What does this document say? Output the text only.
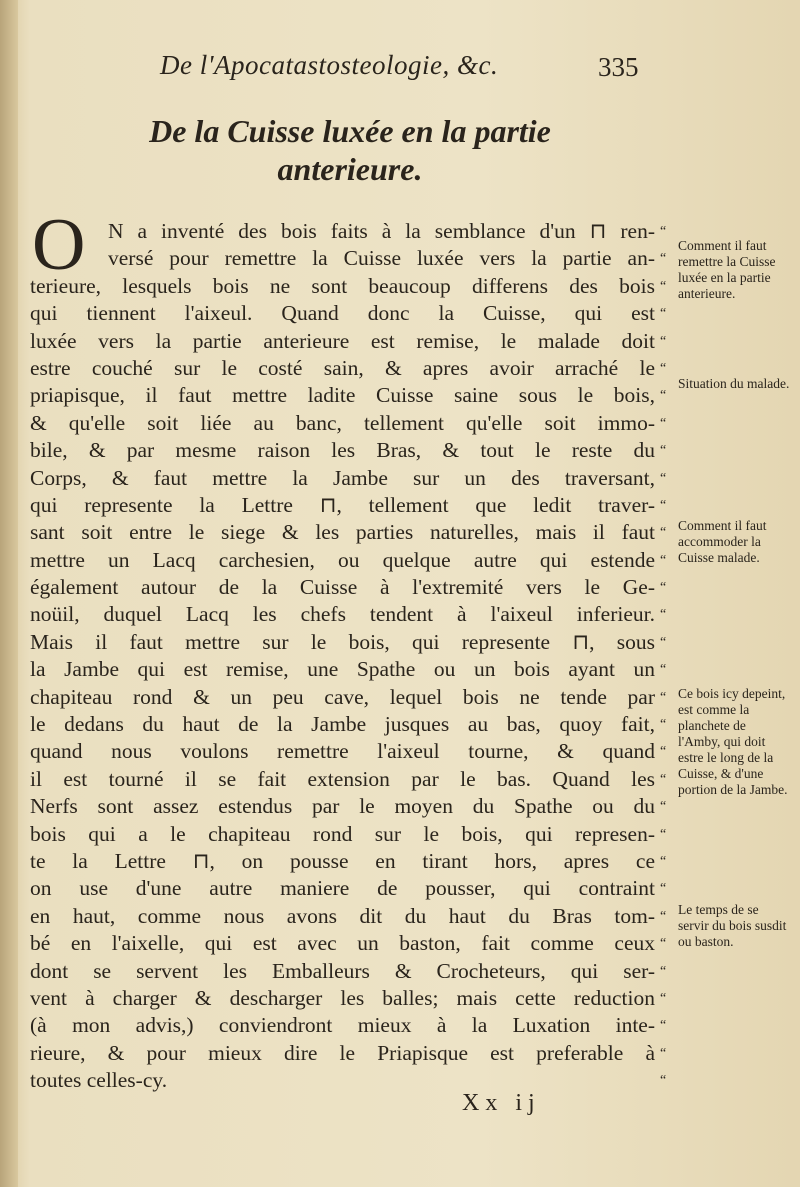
De l'Apocatastosteologie, &c.	335
De la Cuisse luxée en la partie
anterieure.
O	N a inventé des bois faits à la semblance d'un ⊓ ren-
versé pour remettre la Cuisse luxée vers la partie an-
terieure, lesquels bois ne sont beaucoup differens des bois
qui tiennent l'aixeul. Quand donc la Cuisse, qui est
luxée vers la partie anterieure est remise, le malade doit
estre couché sur le costé sain, & apres avoir arraché le
priapisque, il faut mettre ladite Cuisse saine sous le bois,
& qu'elle soit liée au banc, tellement qu'elle soit immo-
bile, & par mesme raison les Bras, & tout le reste du
Corps, & faut mettre la Jambe sur un des traversant,
qui represente la Lettre ⊓, tellement que ledit traver-
sant soit entre le siege & les parties naturelles, mais il faut
mettre un Lacq carchesien, ou quelque autre qui estende
également autour de la Cuisse à l'extremité vers le Ge-
noüil, duquel Lacq les chefs tendent à l'aixeul inferieur.
Mais il faut mettre sur le bois, qui represente ⊓, sous
la Jambe qui est remise, une Spathe ou un bois ayant un
chapiteau rond & un peu cave, lequel bois ne tende par
le dedans du haut de la Jambe jusques au bas, quoy fait,
quand nous voulons remettre l'aixeul tourne, & quand
il est tourné il se fait extension par le bas. Quand les
Nerfs sont assez estendus par le moyen du Spathe ou du
bois qui a le chapiteau rond sur le bois, qui represen-
te la Lettre ⊓, on pousse en tirant hors, apres ce
on use d'une autre maniere de pousser, qui contraint
en haut, comme nous avons dit du haut du Bras tom-
bé en l'aixelle, qui est avec un baston, fait comme ceux
dont se servent les Emballeurs & Crocheteurs, qui ser-
vent à charger & descharger les balles; mais cette reduction
(à mon advis,) conviendront mieux à la Luxation inte-
rieure, & pour mieux dire le Priapisque est preferable à
toutes celles-cy.
“
“
“
“
“
“
“
“
“
“
“
“
“
“
“
“
“
“
“
“
“
“
“
“
“
“
“
“
“
“
“
“
Comment il faut remettre la Cuisse luxée en la partie anterieure.
Situation du malade.
Comment il faut accommoder la Cuisse malade.
Ce bois icy depeint, est comme la planchete de l'Amby, qui doit estre le long de la Cuisse, & d'une portion de la Jambe.
Le temps de se servir du bois susdit ou baston.
Xx ij
